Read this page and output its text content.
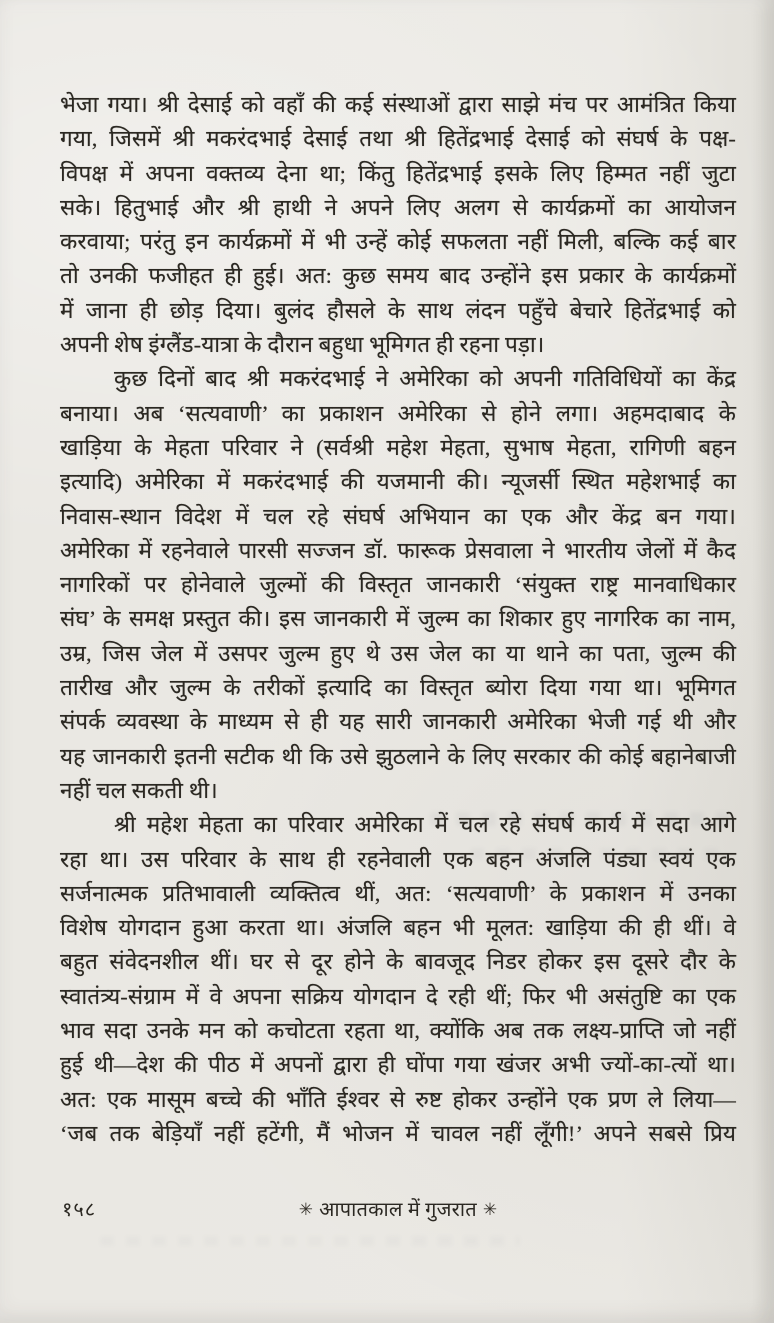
भेजा गया। श्री देसाई को वहाँ की कई संस्थाओं द्वारा साझे मंच पर आमंत्रित किया
गया, जिसमें श्री मकरंदभाई देसाई तथा श्री हितेंद्रभाई देसाई को संघर्ष के पक्ष-
विपक्ष में अपना वक्तव्य देना था; किंतु हितेंद्रभाई इसके लिए हिम्मत नहीं जुटा
सके। हितुभाई और श्री हाथी ने अपने लिए अलग से कार्यक्रमों का आयोजन
करवाया; परंतु इन कार्यक्रमों में भी उन्हें कोई सफलता नहीं मिली, बल्कि कई बार
तो उनकी फजीहत ही हुई। अत: कुछ समय बाद उन्होंने इस प्रकार के कार्यक्रमों
में जाना ही छोड़ दिया। बुलंद हौसले के साथ लंदन पहुँचे बेचारे हितेंद्रभाई को
अपनी शेष इंग्लैंड-यात्रा के दौरान बहुधा भूमिगत ही रहना पड़ा।

कुछ दिनों बाद श्री मकरंदभाई ने अमेरिका को अपनी गतिविधियों का केंद्र
बनाया। अब ‘सत्यवाणी’ का प्रकाशन अमेरिका से होने लगा। अहमदाबाद के
खाड़िया के मेहता परिवार ने (सर्वश्री महेश मेहता, सुभाष मेहता, रागिणी बहन
इत्यादि) अमेरिका में मकरंदभाई की यजमानी की। न्यूजर्सी स्थित महेशभाई का
निवास-स्थान विदेश में चल रहे संघर्ष अभियान का एक और केंद्र बन गया।
अमेरिका में रहनेवाले पारसी सज्जन डॉ. फारूक प्रेसवाला ने भारतीय जेलों में कैद
नागरिकों पर होनेवाले जुल्मों की विस्तृत जानकारी ‘संयुक्त राष्ट्र मानवाधिकार
संघ’ के समक्ष प्रस्तुत की। इस जानकारी में जुल्म का शिकार हुए नागरिक का नाम,
उम्र, जिस जेल में उसपर जुल्म हुए थे उस जेल का या थाने का पता, जुल्म की
तारीख और जुल्म के तरीकों इत्यादि का विस्तृत ब्योरा दिया गया था। भूमिगत
संपर्क व्यवस्था के माध्यम से ही यह सारी जानकारी अमेरिका भेजी गई थी और
यह जानकारी इतनी सटीक थी कि उसे झुठलाने के लिए सरकार की कोई बहानेबाजी
नहीं चल सकती थी।

श्री महेश मेहता का परिवार अमेरिका में चल रहे संघर्ष कार्य में सदा आगे
रहा था। उस परिवार के साथ ही रहनेवाली एक बहन अंजलि पंड्या स्वयं एक
सर्जनात्मक प्रतिभावाली व्यक्तित्व थीं, अत: ‘सत्यवाणी’ के प्रकाशन में उनका
विशेष योगदान हुआ करता था। अंजलि बहन भी मूलत: खाड़िया की ही थीं। वे
बहुत संवेदनशील थीं। घर से दूर होने के बावजूद निडर होकर इस दूसरे दौर के
स्वातंत्र्य-संग्राम में वे अपना सक्रिय योगदान दे रही थीं; फिर भी असंतुष्टि का एक
भाव सदा उनके मन को कचोटता रहता था, क्योंकि अब तक लक्ष्य-प्राप्ति जो नहीं
हुई थी—देश की पीठ में अपनों द्वारा ही घोंपा गया खंजर अभी ज्यों-का-त्यों था।
अत: एक मासूम बच्चे की भाँति ईश्वर से रुष्ट होकर उन्होंने एक प्रण ले लिया—
‘जब तक बेड़ियाँ नहीं हटेंगी, मैं भोजन में चावल नहीं लूँगी!’ अपने सबसे प्रिय

१५८	✳ आपातकाल में गुजरात ✳
